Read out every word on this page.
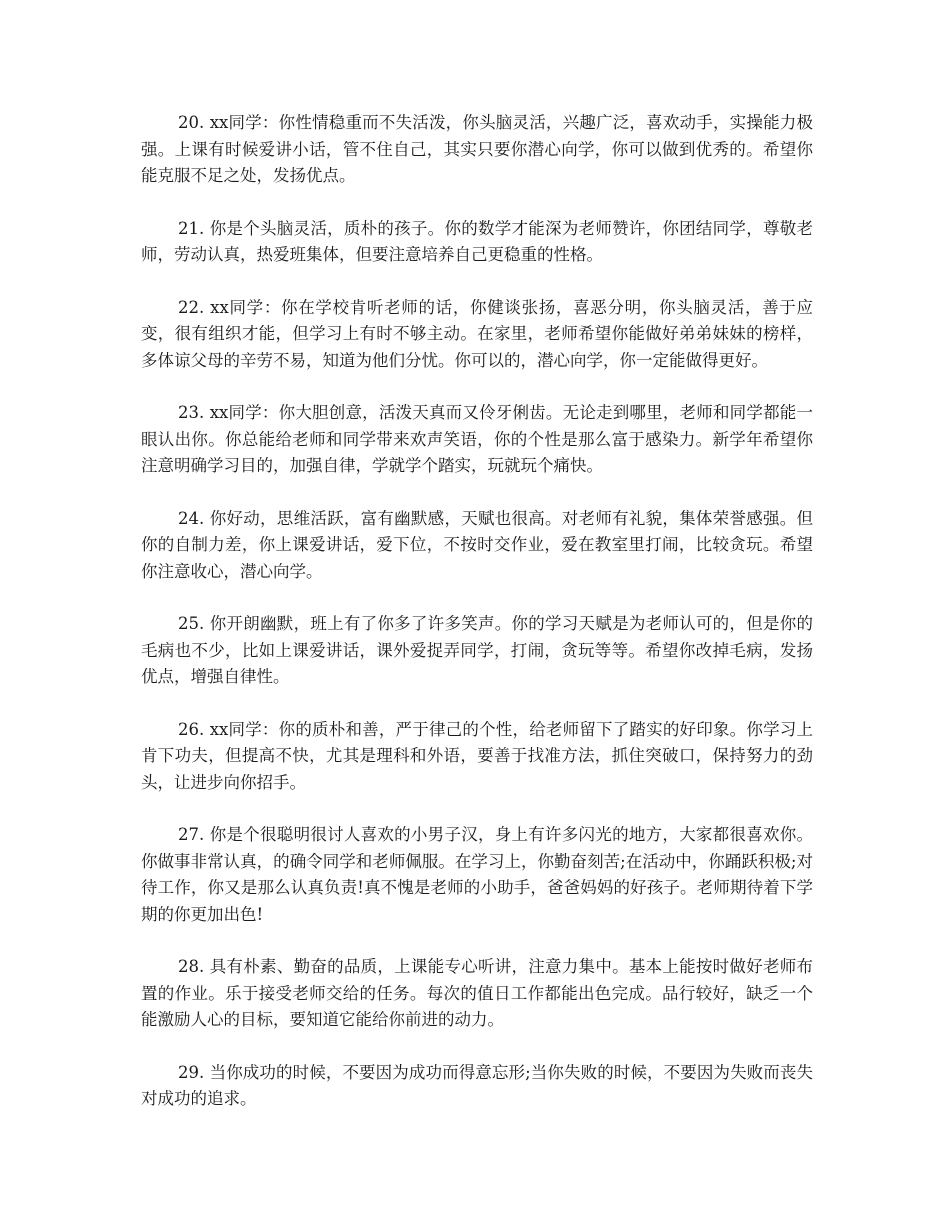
20. xx同学：你性情稳重而不失活泼，你头脑灵活，兴趣广泛，喜欢动手，实操能力极强。上课有时候爱讲小话，管不住自己，其实只要你潜心向学，你可以做到优秀的。希望你能克服不足之处，发扬优点。

21. 你是个头脑灵活，质朴的孩子。你的数学才能深为老师赞许，你团结同学，尊敬老师，劳动认真，热爱班集体，但要注意培养自己更稳重的性格。

22. xx同学：你在学校肯听老师的话，你健谈张扬，喜恶分明，你头脑灵活，善于应变，很有组织才能，但学习上有时不够主动。在家里，老师希望你能做好弟弟妹妹的榜样，多体谅父母的辛劳不易，知道为他们分忧。你可以的，潜心向学，你一定能做得更好。

23. xx同学：你大胆创意，活泼天真而又伶牙俐齿。无论走到哪里，老师和同学都能一眼认出你。你总能给老师和同学带来欢声笑语，你的个性是那么富于感染力。新学年希望你注意明确学习目的，加强自律，学就学个踏实，玩就玩个痛快。

24. 你好动，思维活跃，富有幽默感，天赋也很高。对老师有礼貌，集体荣誉感强。但你的自制力差，你上课爱讲话，爱下位，不按时交作业，爱在教室里打闹，比较贪玩。希望你注意收心，潜心向学。

25. 你开朗幽默，班上有了你多了许多笑声。你的学习天赋是为老师认可的，但是你的毛病也不少，比如上课爱讲话，课外爱捉弄同学，打闹，贪玩等等。希望你改掉毛病，发扬优点，增强自律性。

26. xx同学：你的质朴和善，严于律己的个性，给老师留下了踏实的好印象。你学习上肯下功夫，但提高不快，尤其是理科和外语，要善于找准方法，抓住突破口，保持努力的劲头，让进步向你招手。

27. 你是个很聪明很讨人喜欢的小男子汉，身上有许多闪光的地方，大家都很喜欢你。你做事非常认真，的确令同学和老师佩服。在学习上，你勤奋刻苦;在活动中，你踊跃积极;对待工作，你又是那么认真负责!真不愧是老师的小助手，爸爸妈妈的好孩子。老师期待着下学期的你更加出色!

28. 具有朴素、勤奋的品质，上课能专心听讲，注意力集中。基本上能按时做好老师布置的作业。乐于接受老师交给的任务。每次的值日工作都能出色完成。品行较好，缺乏一个能激励人心的目标，要知道它能给你前进的动力。

29. 当你成功的时候，不要因为成功而得意忘形;当你失败的时候，不要因为失败而丧失对成功的追求。
